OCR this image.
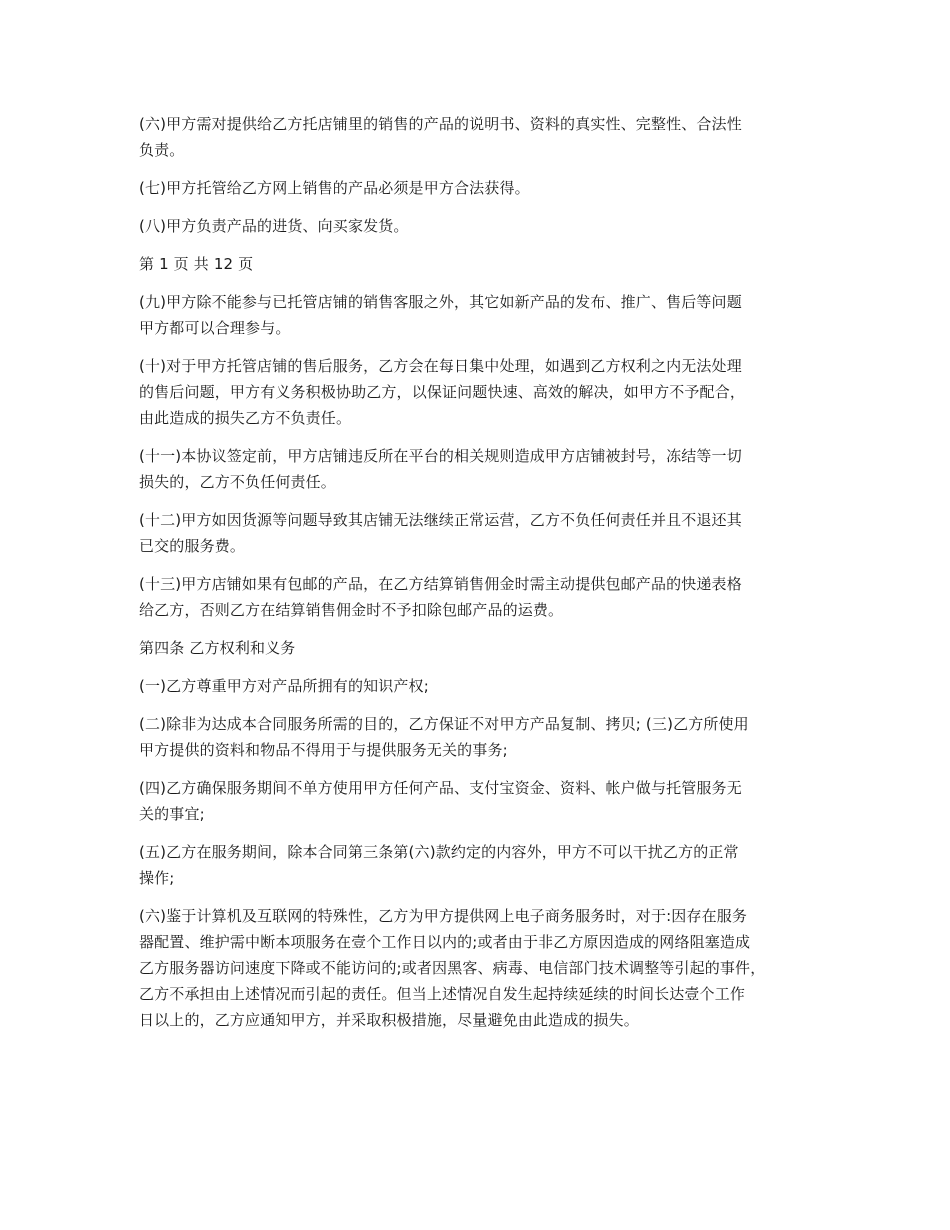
(六)甲方需对提供给乙方托店铺里的销售的产品的说明书、资料的真实性、完整性、合法性
负责。

(七)甲方托管给乙方网上销售的产品必须是甲方合法获得。

(八)甲方负责产品的进货、向买家发货。

第 1 页 共 12 页

(九)甲方除不能参与已托管店铺的销售客服之外，其它如新产品的发布、推广、售后等问题
甲方都可以合理参与。

(十)对于甲方托管店铺的售后服务，乙方会在每日集中处理，如遇到乙方权利之内无法处理
的售后问题，甲方有义务积极协助乙方，以保证问题快速、高效的解决，如甲方不予配合，
由此造成的损失乙方不负责任。

(十一)本协议签定前，甲方店铺违反所在平台的相关规则造成甲方店铺被封号，冻结等一切
损失的，乙方不负任何责任。

(十二)甲方如因货源等问题导致其店铺无法继续正常运营，乙方不负任何责任并且不退还其
已交的服务费。

(十三)甲方店铺如果有包邮的产品，在乙方结算销售佣金时需主动提供包邮产品的快递表格
给乙方，否则乙方在结算销售佣金时不予扣除包邮产品的运费。

第四条 乙方权利和义务

(一)乙方尊重甲方对产品所拥有的知识产权;

(二)除非为达成本合同服务所需的目的，乙方保证不对甲方产品复制、拷贝; (三)乙方所使用
甲方提供的资料和物品不得用于与提供服务无关的事务;

(四)乙方确保服务期间不单方使用甲方任何产品、支付宝资金、资料、帐户做与托管服务无
关的事宜;

(五)乙方在服务期间，除本合同第三条第(六)款约定的内容外，甲方不可以干扰乙方的正常
操作;

(六)鉴于计算机及互联网的特殊性，乙方为甲方提供网上电子商务服务时，对于:因存在服务
器配置、维护需中断本项服务在壹个工作日以内的;或者由于非乙方原因造成的网络阻塞造成
乙方服务器访问速度下降或不能访问的;或者因黑客、病毒、电信部门技术调整等引起的事件，
乙方不承担由上述情况而引起的责任。但当上述情况自发生起持续延续的时间长达壹个工作
日以上的，乙方应通知甲方，并采取积极措施，尽量避免由此造成的损失。
